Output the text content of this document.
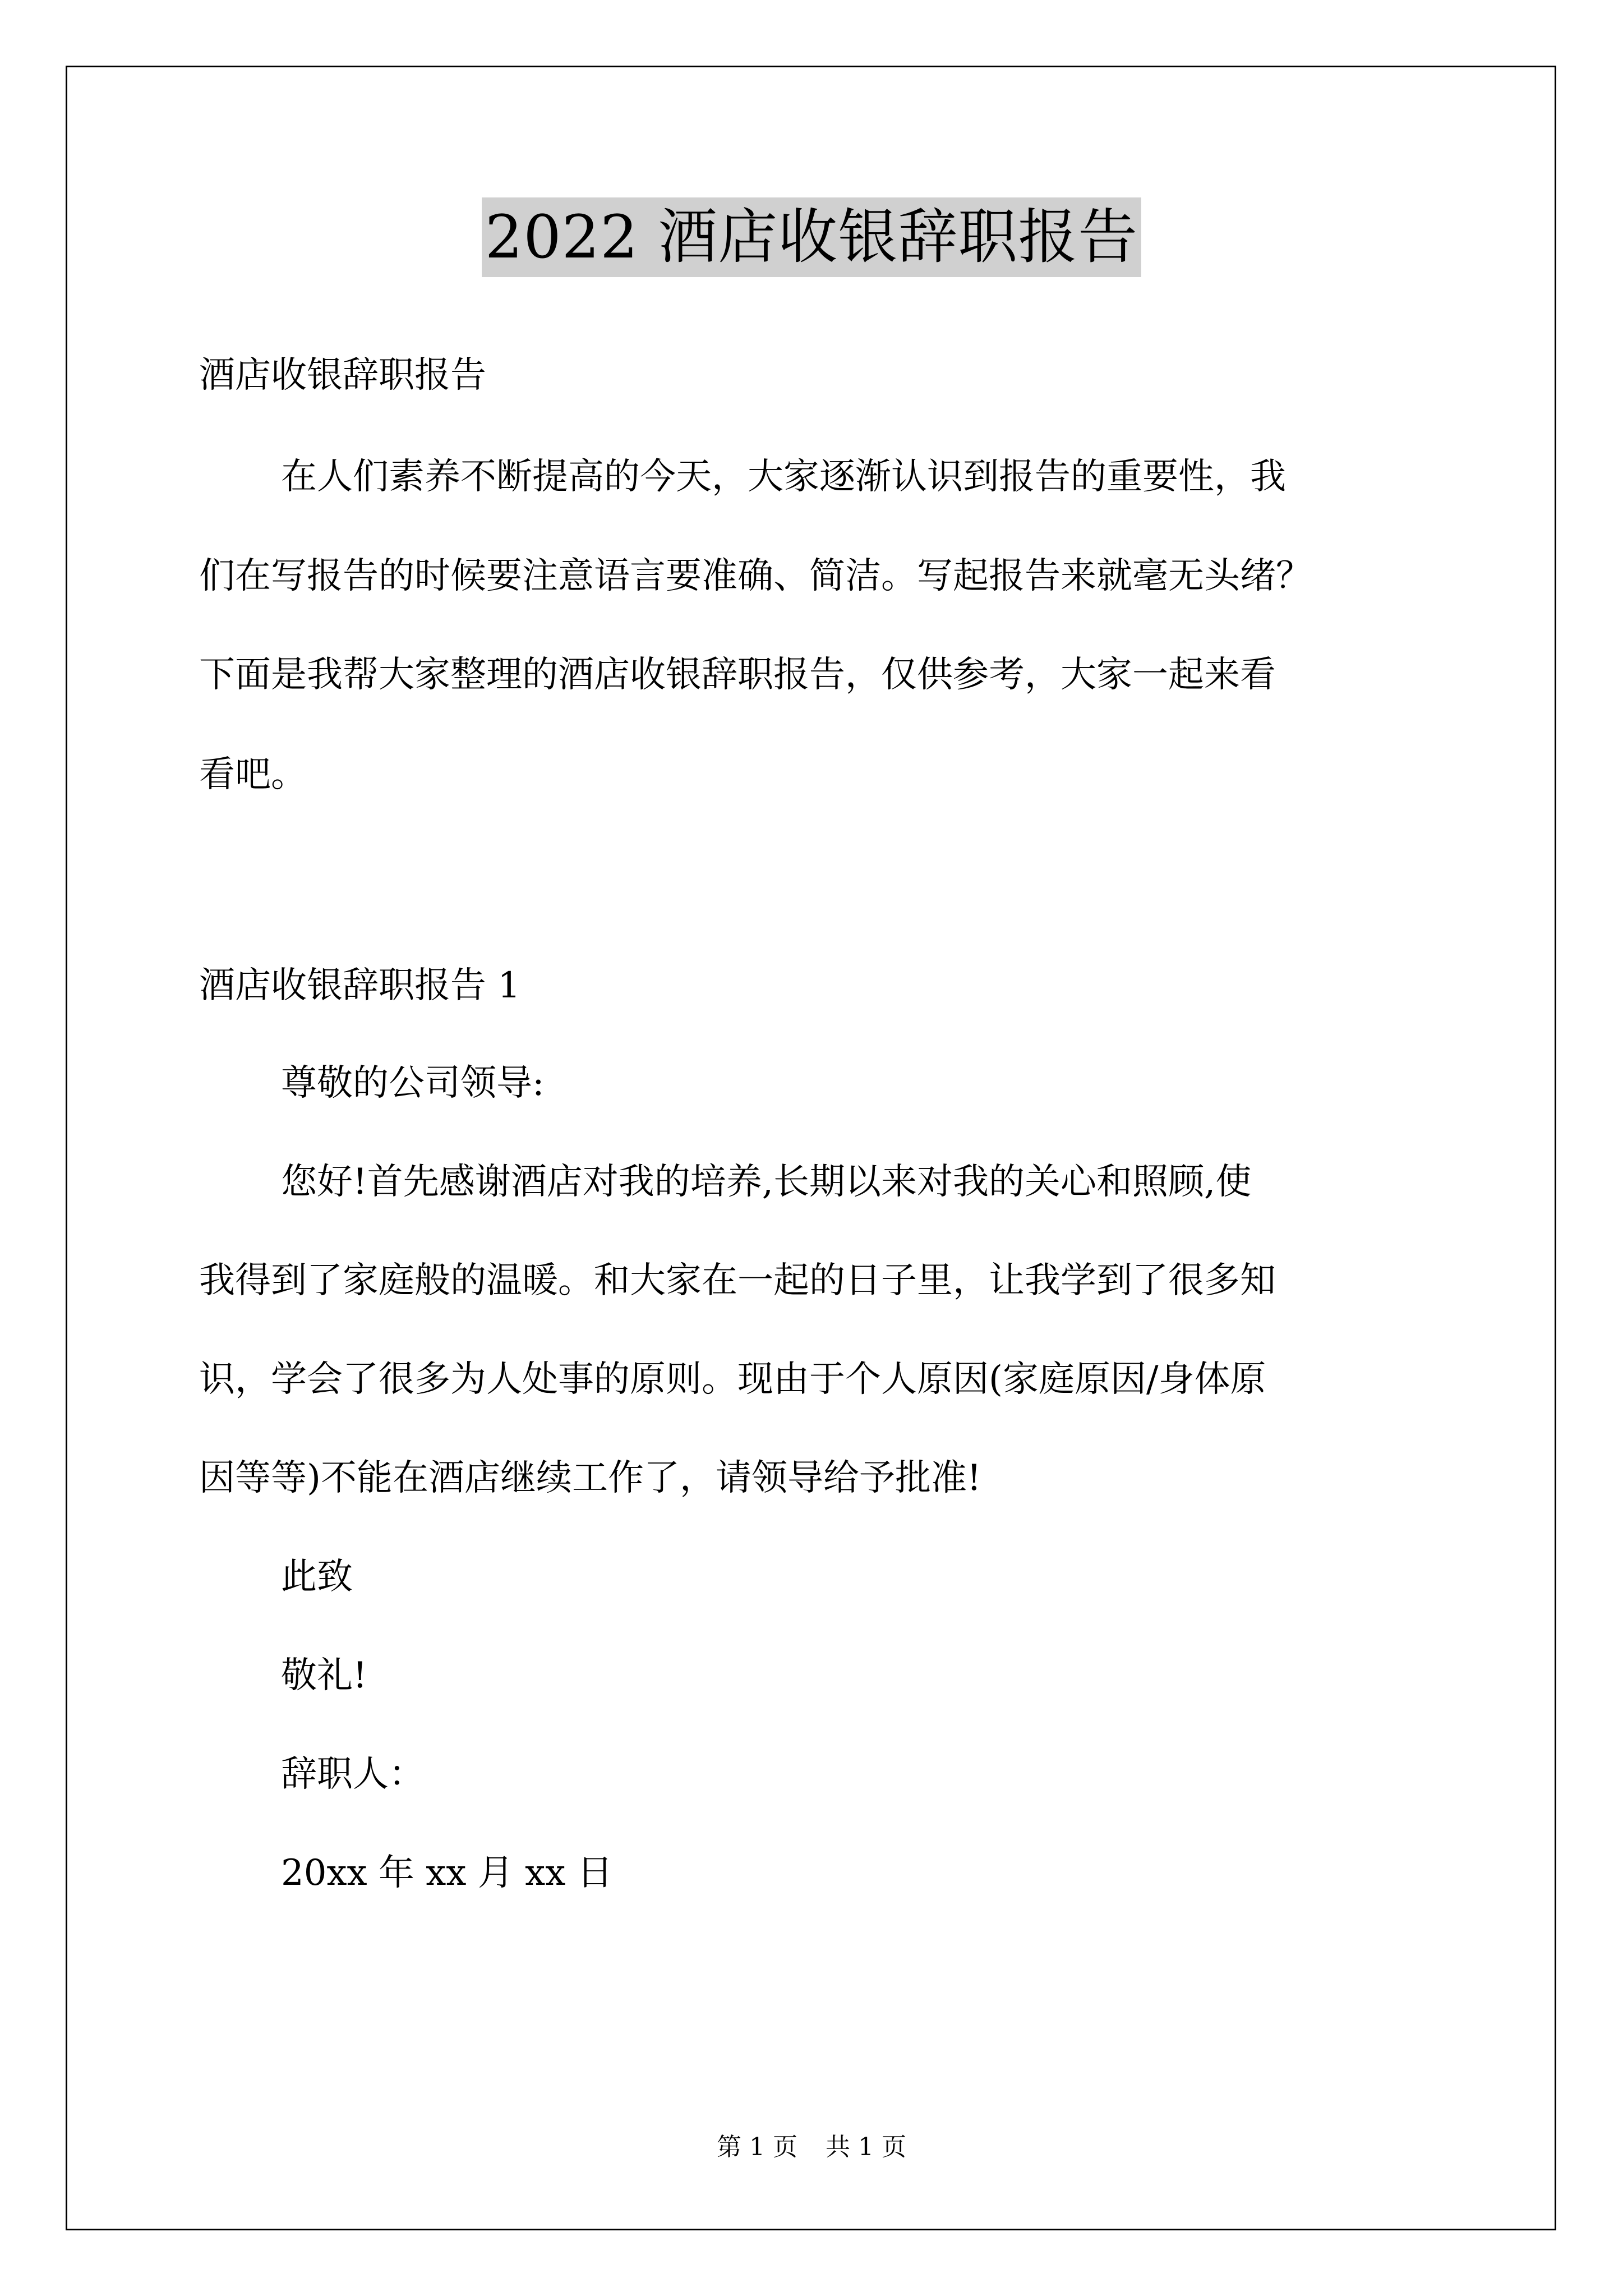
2022 酒店收银辞职报告

酒店收银辞职报告

在人们素养不断提高的今天，大家逐渐认识到报告的重要性，我

们在写报告的时候要注意语言要准确、简洁。写起报告来就毫无头绪？

下面是我帮大家整理的酒店收银辞职报告，仅供参考，大家一起来看

看吧。

酒店收银辞职报告 1

尊敬的公司领导:

您好!首先感谢酒店对我的培养,长期以来对我的关心和照顾,使

我得到了家庭般的温暖。和大家在一起的日子里，让我学到了很多知

识，学会了很多为人处事的原则。现由于个人原因(家庭原因/身体原

因等等)不能在酒店继续工作了，请领导给予批准!

此致

敬礼!

辞职人：

20xx 年 xx 月 xx 日

第 1 页 共 1 页
